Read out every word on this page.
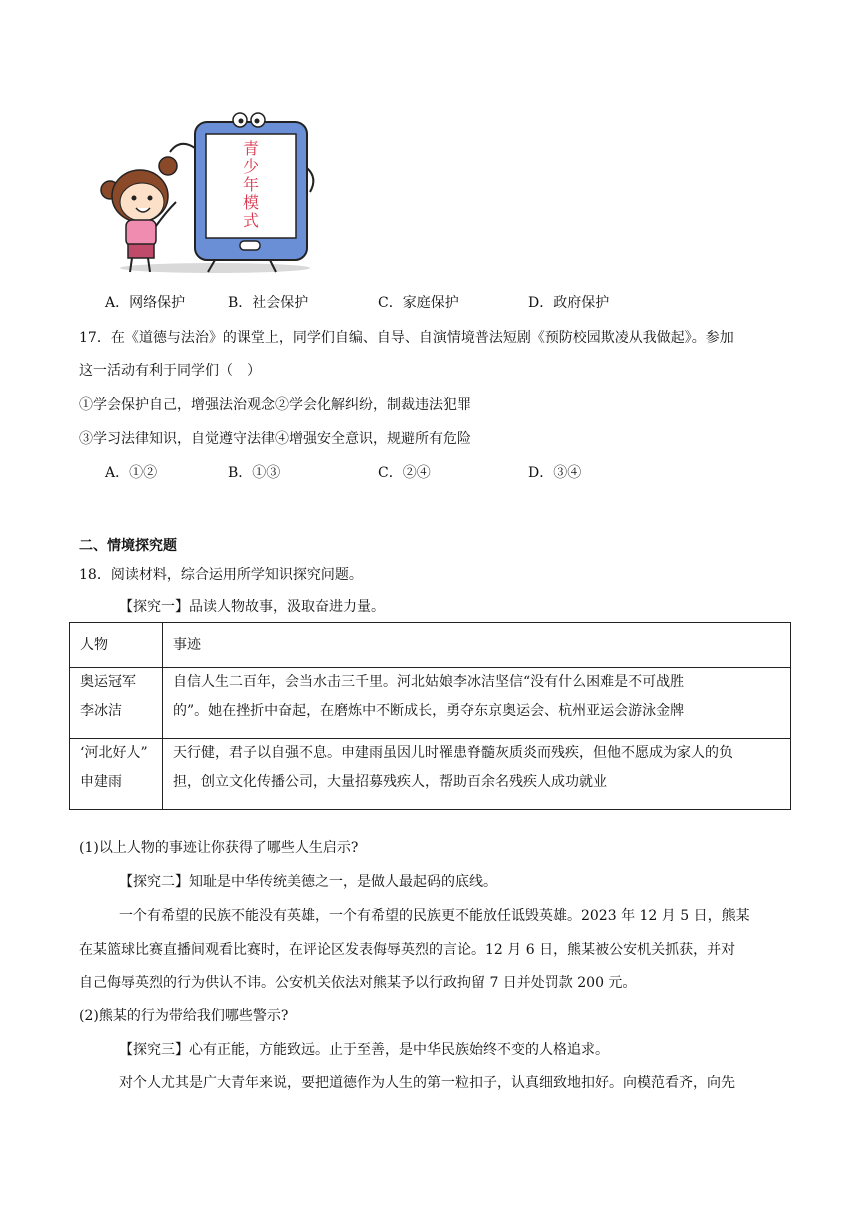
青少年模式
A．网络保护	B．社会保护	C．家庭保护	D．政府保护
17．在《道德与法治》的课堂上，同学们自编、自导、自演情境普法短剧《预防校园欺凌从我做起》。参加
这一活动有利于同学们（　）
①学会保护自己，增强法治观念②学会化解纠纷，制裁违法犯罪
③学习法律知识，自觉遵守法律④增强安全意识，规避所有危险
A．①②	B．①③	C．②④	D．③④
二、情境探究题
18．阅读材料，综合运用所学知识探究问题。
【探究一】品读人物故事，汲取奋进力量。
人物	事迹

奥运冠军
李冰洁	自信人生二百年，会当水击三千里。河北姑娘李冰洁坚信“没有什么困难是不可战胜
的”。她在挫折中奋起，在磨炼中不断成长，勇夺东京奥运会、杭州亚运会游泳金牌

‘河北好人”
申建雨	天行健，君子以自强不息。申建雨虽因儿时罹患脊髓灰质炎而残疾，但他不愿成为家人的负
担，创立文化传播公司，大量招募残疾人，帮助百余名残疾人成功就业
(1)以上人物的事迹让你获得了哪些人生启示?
【探究二】知耻是中华传统美德之一，是做人最起码的底线。
一个有希望的民族不能没有英雄，一个有希望的民族更不能放任诋毁英雄。2023 年 12 月 5 日，熊某
在某篮球比赛直播间观看比赛时，在评论区发表侮辱英烈的言论。12 月 6 日，熊某被公安机关抓获，并对
自己侮辱英烈的行为供认不讳。公安机关依法对熊某予以行政拘留 7 日并处罚款 200 元。
(2)熊某的行为带给我们哪些警示?
【探究三】心有正能，方能致远。止于至善，是中华民族始终不变的人格追求。
对个人尤其是广大青年来说，要把道德作为人生的第一粒扣子，认真细致地扣好。向模范看齐，向先
